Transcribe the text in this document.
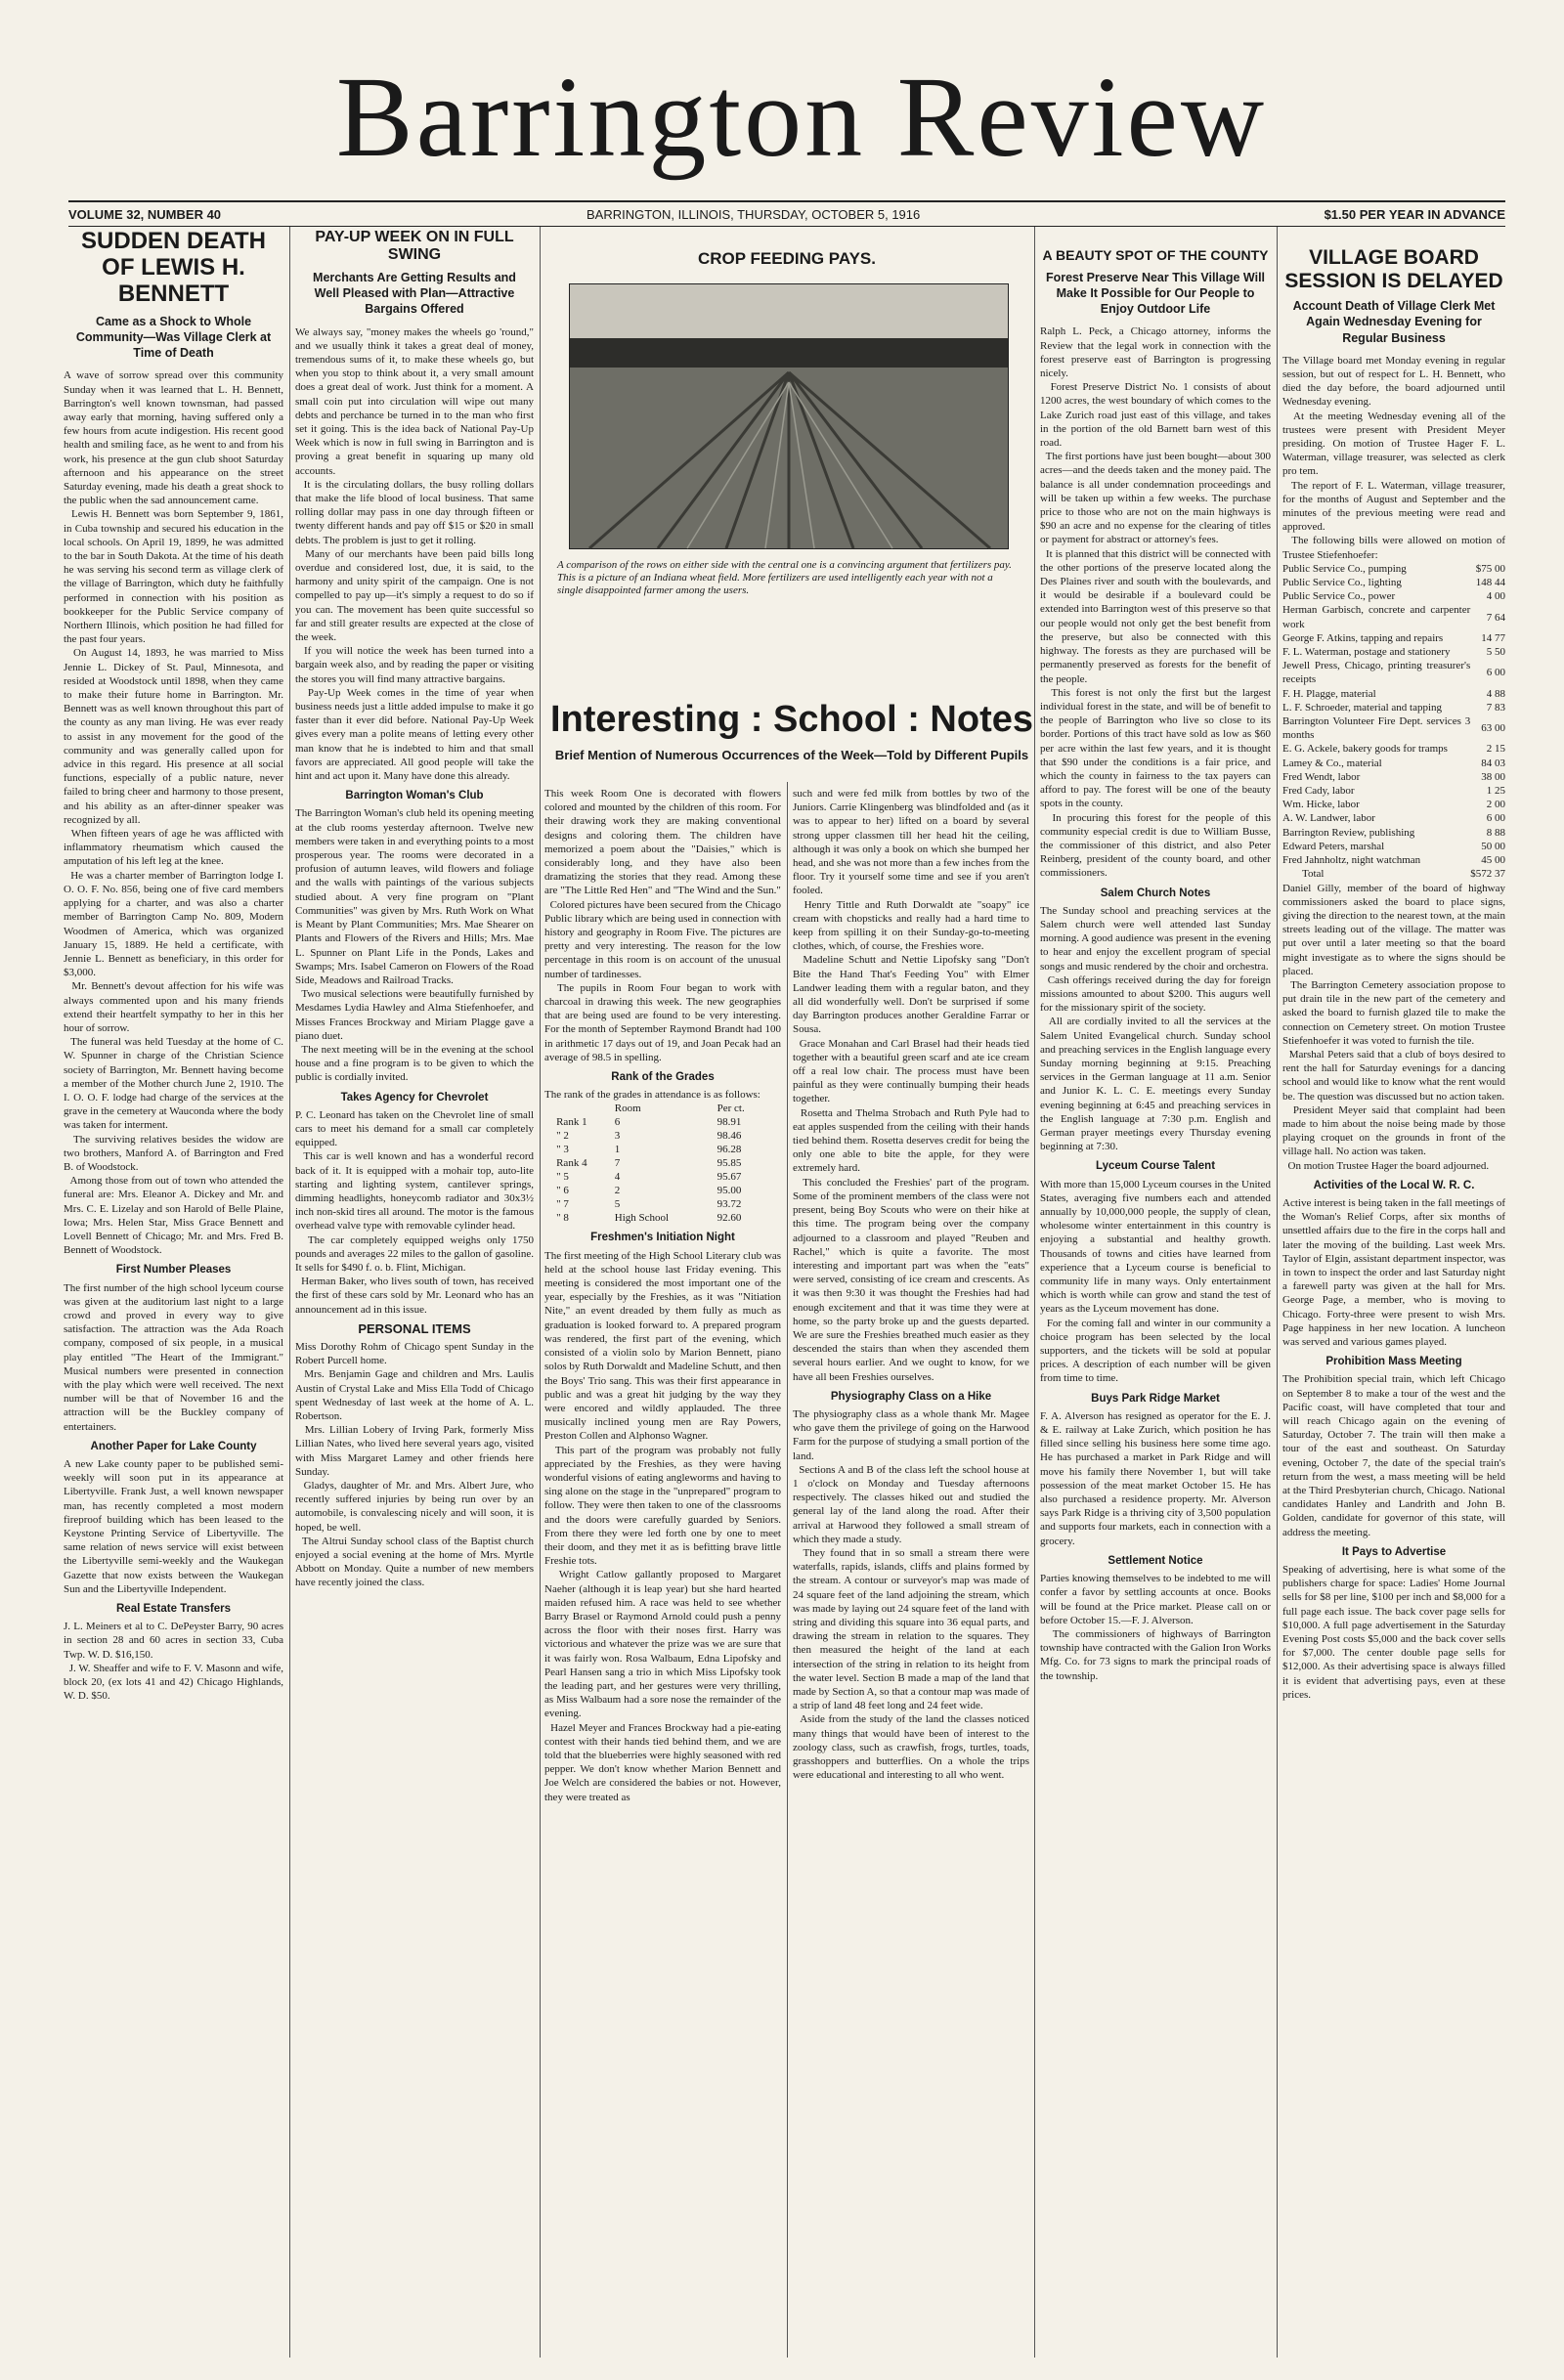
Barrington Review
VOLUME 32, NUMBER 40	BARRINGTON, ILLINOIS, THURSDAY, OCTOBER 5, 1916	$1.50 PER YEAR IN ADVANCE
SUDDEN DEATH OF LEWIS H. BENNETT
Came as a Shock to Whole Community—Was Village Clerk at Time of Death

A wave of sorrow spread over this community Sunday when it was learned that L. H. Bennett, Barrington's well known townsman, had passed away early that morning, having suffered only a few hours from acute indigestion. His recent good health and smiling face, as he went to and from his work, his presence at the gun club shoot Saturday afternoon and his appearance on the street Saturday evening, made his death a great shock to the public when the sad announcement came.
Lewis H. Bennett was born September 9, 1861, in Cuba township and secured his education in the local schools. On April 19, 1899, he was admitted to the bar in South Dakota. At the time of his death he was serving his second term as village clerk of the village of Barrington, which duty he faithfully performed in connection with his position as bookkeeper for the Public Service company of Northern Illinois, which position he had filled for the past four years.
On August 14, 1893, he was married to Miss Jennie L. Dickey of St. Paul, Minnesota, and resided at Woodstock until 1898, when they came to make their future home in Barrington. Mr. Bennett was as well known throughout this part of the county as any man living. He was ever ready to assist in any movement for the good of the community and was generally called upon for advice in this regard. His presence at all social functions, especially of a public nature, never failed to bring cheer and harmony to those present, and his ability as an after-dinner speaker was recognized by all.
When fifteen years of age he was afflicted with inflammatory rheumatism which caused the amputation of his left leg at the knee.
He was a charter member of Barrington lodge I. O. O. F. No. 856, being one of five card members applying for a charter, and was also a charter member of Barrington Camp No. 809, Modern Woodmen of America, which was organized January 15, 1889. He held a certificate, with Jennie L. Bennett as beneficiary, in this order for $3,000.
Mr. Bennett's devout affection for his wife was always commented upon and his many friends extend their heartfelt sympathy to her in this her hour of sorrow.
The funeral was held Tuesday at the home of C. W. Spunner in charge of the Christian Science society of Barrington, Mr. Bennett having become a member of the Mother church June 2, 1910. The I. O. O. F. lodge had charge of the services at the grave in the cemetery at Wauconda where the body was taken for interment.
The surviving relatives besides the widow are two brothers, Manford A. of Barrington and Fred B. of Woodstock.
Among those from out of town who attended the funeral are: Mrs. Eleanor A. Dickey and Mr. and Mrs. C. E. Lizelay and son Harold of Belle Plaine, Iowa; Mrs. Helen Star, Miss Grace Bennett and Lovell Bennett of Chicago; Mr. and Mrs. Fred B. Bennett of Woodstock.

First Number Pleases

The first number of the high school lyceum course was given at the auditorium last night to a large crowd and proved in every way to give satisfaction. The attraction was the Ada Roach company, composed of six people, in a musical play entitled "The Heart of the Immigrant." Musical numbers were presented in connection with the play which were well received. The next number will be that of November 16 and the attraction will be the Buckley company of entertainers.

Another Paper for Lake County

A new Lake county paper to be published semi-weekly will soon put in its appearance at Libertyville. Frank Just, a well known newspaper man, has recently completed a most modern fireproof building which has been leased to the Keystone Printing Service of Libertyville. The same relation of news service will exist between the Libertyville semi-weekly and the Waukegan Gazette that now exists between the Waukegan Sun and the Libertyville Independent.

Real Estate Transfers

J. L. Meiners et al to C. DePeyster Barry, 90 acres in section 28 and 60 acres in section 33, Cuba Twp. W. D. $16,150.
J. W. Sheaffer and wife to F. V. Masonn and wife, block 20, (ex lots 41 and 42) Chicago Highlands, W. D. $50.

PAY-UP WEEK ON IN FULL SWING
Merchants Are Getting Results and Well Pleased with Plan—Attractive Bargains Offered

We always say, "money makes the wheels go 'round," and we usually think it takes a great deal of money, tremendous sums of it, to make these wheels go, but when you stop to think about it, a very small amount does a great deal of work. Just think for a moment. A small coin put into circulation will wipe out many debts and perchance be turned in to the man who first set it going. This is the idea back of National Pay-Up Week which is now in full swing in Barrington and is proving a great benefit in squaring up many old accounts.
It is the circulating dollars, the busy rolling dollars that make the life blood of local business. That same rolling dollar may pass in one day through fifteen or twenty different hands and pay off $15 or $20 in small debts. The problem is just to get it rolling.
Many of our merchants have been paid bills long overdue and considered lost, due, it is said, to the harmony and unity spirit of the campaign. One is not compelled to pay up—it's simply a request to do so if you can. The movement has been quite successful so far and still greater results are expected at the close of the week.
If you will notice the week has been turned into a bargain week also, and by reading the paper or visiting the stores you will find many attractive bargains.
Pay-Up Week comes in the time of year when business needs just a little added impulse to make it go faster than it ever did before. National Pay-Up Week gives every man a polite means of letting every other man know that he is indebted to him and that small favors are appreciated. All good people will take the hint and act upon it. Many have done this already.

Barrington Woman's Club

The Barrington Woman's club held its opening meeting at the club rooms yesterday afternoon. Twelve new members were taken in and everything points to a most prosperous year. The rooms were decorated in a profusion of autumn leaves, wild flowers and foliage and the walls with paintings of the various subjects studied about. A very fine program on "Plant Communities" was given by Mrs. Ruth Work on What is Meant by Plant Communities; Mrs. Mae Shearer on Plants and Flowers of the Rivers and Hills; Mrs. Mae L. Spunner on Plant Life in the Ponds, Lakes and Swamps; Mrs. Isabel Cameron on Flowers of the Road Side, Meadows and Railroad Tracks.
Two musical selections were beautifully furnished by Mesdames Lydia Hawley and Alma Stiefenhoefer, and Misses Frances Brockway and Miriam Plagge gave a piano duet.
The next meeting will be in the evening at the school house and a fine program is to be given to which the public is cordially invited.

Takes Agency for Chevrolet

P. C. Leonard has taken on the Chevrolet line of small cars to meet his demand for a small car completely equipped.
This car is well known and has a wonderful record back of it. It is equipped with a mohair top, auto-lite starting and lighting system, cantilever springs, dimming headlights, honeycomb radiator and 30x3½ inch non-skid tires all around. The motor is the famous overhead valve type with removable cylinder head.
The car completely equipped weighs only 1750 pounds and averages 22 miles to the gallon of gasoline. It sells for $490 f. o. b. Flint, Michigan.
Herman Baker, who lives south of town, has received the first of these cars sold by Mr. Leonard who has an announcement ad in this issue.

PERSONAL ITEMS

Miss Dorothy Rohm of Chicago spent Sunday in the Robert Purcell home.
Mrs. Benjamin Gage and children and Mrs. Laulis Austin of Crystal Lake and Miss Ella Todd of Chicago spent Wednesday of last week at the home of A. L. Robertson.
Mrs. Lillian Lobery of Irving Park, formerly Miss Lillian Nates, who lived here several years ago, visited with Miss Margaret Lamey and other friends here Sunday.
Gladys, daughter of Mr. and Mrs. Albert Jure, who recently suffered injuries by being run over by an automobile, is convalescing nicely and will soon, it is hoped, be well.
The Altrui Sunday school class of the Baptist church enjoyed a social evening at the home of Mrs. Myrtle Abbott on Monday. Quite a number of new members have recently joined the class.

CROP FEEDING PAYS.
A comparison of the rows on either side with the central one is a convincing argument that fertilizers pay. This is a picture of an Indiana wheat field. More fertilizers are used intelligently each year with not a single disappointed farmer among the users.
Interesting : School : Notes
Brief Mention of Numerous Occurrences of the Week—Told by Different Pupils

This week Room One is decorated with flowers colored and mounted by the children of this room. For their drawing work they are making conventional designs and coloring them. The children have memorized a poem about the "Daisies," which is considerably long, and they have also been dramatizing the stories that they read. Among these are "The Little Red Hen" and "The Wind and the Sun."
Colored pictures have been secured from the Chicago Public library which are being used in connection with history and geography in Room Five. The pictures are pretty and very interesting. The reason for the low percentage in this room is on account of the unusual number of tardinesses.
The pupils in Room Four began to work with charcoal in drawing this week. The new geographies that are being used are found to be very interesting. For the month of September Raymond Brandt had 100 in arithmetic 17 days out of 19, and Joan Pecak had an average of 98.5 in spelling.

Rank of the Grades

The rank of the grades in attendance is as follows:

	Room	Per ct.
Rank 1	6	98.91
" 2	3	98.46
" 3	1	96.28
Rank 4	7	95.85
" 5	4	95.67
" 6	2	95.00
" 7	5	93.72
" 8	High School	92.60
Freshmen's Initiation Night

The first meeting of the High School Literary club was held at the school house last Friday evening. This meeting is considered the most important one of the year, especially by the Freshies, as it was "Nitiation Nite," an event dreaded by them fully as much as graduation is looked forward to. A prepared program was rendered, the first part of the evening, which consisted of a violin solo by Marion Bennett, piano solos by Ruth Dorwaldt and Madeline Schutt, and then the Boys' Trio sang. This was their first appearance in public and was a great hit judging by the way they were encored and wildly applauded. The three musically inclined young men are Ray Powers, Preston Collen and Alphonso Wagner.
This part of the program was probably not fully appreciated by the Freshies, as they were having wonderful visions of eating angleworms and having to sing alone on the stage in the "unprepared" program to follow. They were then taken to one of the classrooms and the doors were carefully guarded by Seniors. From there they were led forth one by one to meet their doom, and they met it as is befitting brave little Freshie tots.
Wright Catlow gallantly proposed to Margaret Naeher (although it is leap year) but she hard hearted maiden refused him. A race was held to see whether Barry Brasel or Raymond Arnold could push a penny across the floor with their noses first. Harry was victorious and whatever the prize was we are sure that it was fairly won. Rosa Walbaum, Edna Lipofsky and Pearl Hansen sang a trio in which Miss Lipofsky took the leading part, and her gestures were very thrilling, as Miss Walbaum had a sore nose the remainder of the evening.
Hazel Meyer and Frances Brockway had a pie-eating contest with their hands tied behind them, and we are told that the blueberries were highly seasoned with red pepper. We don't know whether Marion Bennett and Joe Welch are considered the babies or not. However, they were treated as

such and were fed milk from bottles by two of the Juniors. Carrie Klingenberg was blindfolded and (as it was to appear to her) lifted on a board by several strong upper classmen till her head hit the ceiling, although it was only a book on which she bumped her head, and she was not more than a few inches from the floor. Try it yourself some time and see if you aren't fooled.
Henry Tittle and Ruth Dorwaldt ate "soapy" ice cream with chopsticks and really had a hard time to keep from spilling it on their Sunday-go-to-meeting clothes, which, of course, the Freshies wore.
Madeline Schutt and Nettie Lipofsky sang "Don't Bite the Hand That's Feeding You" with Elmer Landwer leading them with a regular baton, and they all did wonderfully well. Don't be surprised if some day Barrington produces another Geraldine Farrar or Sousa.
Grace Monahan and Carl Brasel had their heads tied together with a beautiful green scarf and ate ice cream off a real low chair. The process must have been painful as they were continually bumping their heads together.
Rosetta and Thelma Strobach and Ruth Pyle had to eat apples suspended from the ceiling with their hands tied behind them. Rosetta deserves credit for being the only one able to bite the apple, for they were extremely hard.
This concluded the Freshies' part of the program. Some of the prominent members of the class were not present, being Boy Scouts who were on their hike at this time. The program being over the company adjourned to a classroom and played "Reuben and Rachel," which is quite a favorite. The most interesting and important part was when the "eats" were served, consisting of ice cream and crescents. As it was then 9:30 it was thought the Freshies had had enough excitement and that it was time they were at home, so the party broke up and the guests departed. We are sure the Freshies breathed much easier as they descended the stairs than when they ascended them several hours earlier. And we ought to know, for we have all been Freshies ourselves.

Physiography Class on a Hike

The physiography class as a whole thank Mr. Magee who gave them the privilege of going on the Harwood Farm for the purpose of studying a small portion of the land.
Sections A and B of the class left the school house at 1 o'clock on Monday and Tuesday afternoons respectively. The classes hiked out and studied the general lay of the land along the road. After their arrival at Harwood they followed a small stream of which they made a study.
They found that in so small a stream there were waterfalls, rapids, islands, cliffs and plains formed by the stream. A contour or surveyor's map was made of 24 square feet of the land adjoining the stream, which was made by laying out 24 square feet of the land with string and dividing this square into 36 equal parts, and drawing the stream in relation to the squares. They then measured the height of the land at each intersection of the string in relation to its height from the water level. Section B made a map of the land that made by Section A, so that a contour map was made of a strip of land 48 feet long and 24 feet wide.
Aside from the study of the land the classes noticed many things that would have been of interest to the zoology class, such as crawfish, frogs, turtles, toads, grasshoppers and butterflies. On a whole the trips were educational and interesting to all who went.

A BEAUTY SPOT OF THE COUNTY
Forest Preserve Near This Village Will Make It Possible for Our People to Enjoy Outdoor Life

Ralph L. Peck, a Chicago attorney, informs the Review that the legal work in connection with the forest preserve east of Barrington is progressing nicely.
Forest Preserve District No. 1 consists of about 1200 acres, the west boundary of which comes to the Lake Zurich road just east of this village, and takes in the portion of the old Barnett barn west of this road.
The first portions have just been bought—about 300 acres—and the deeds taken and the money paid. The balance is all under condemnation proceedings and will be taken up within a few weeks. The purchase price to those who are not on the main highways is $90 an acre and no expense for the clearing of titles or payment for abstract or attorney's fees.
It is planned that this district will be connected with the other portions of the preserve located along the Des Plaines river and south with the boulevards, and it would be desirable if a boulevard could be extended into Barrington west of this preserve so that our people would not only get the best benefit from the preserve, but also be connected with this highway. The forests as they are purchased will be permanently preserved as forests for the benefit of the people.
This forest is not only the first but the largest individual forest in the state, and will be of benefit to the people of Barrington who live so close to its border. Portions of this tract have sold as low as $60 per acre within the last few years, and it is thought that $90 under the conditions is a fair price, and which the county in fairness to the tax payers can afford to pay. The forest will be one of the beauty spots in the county.
In procuring this forest for the people of this community especial credit is due to William Busse, the commissioner of this district, and also Peter Reinberg, president of the county board, and other commissioners.

Salem Church Notes

The Sunday school and preaching services at the Salem church were well attended last Sunday morning. A good audience was present in the evening to hear and enjoy the excellent program of special songs and music rendered by the choir and orchestra.
Cash offerings received during the day for foreign missions amounted to about $200. This augurs well for the missionary spirit of the society.
All are cordially invited to all the services at the Salem United Evangelical church. Sunday school and preaching services in the English language every Sunday morning beginning at 9:15. Preaching services in the German language at 11 a.m. Senior and Junior K. L. C. E. meetings every Sunday evening beginning at 6:45 and preaching services in the English language at 7:30 p.m. English and German prayer meetings every Thursday evening beginning at 7:30.

Lyceum Course Talent

With more than 15,000 Lyceum courses in the United States, averaging five numbers each and attended annually by 10,000,000 people, the supply of clean, wholesome winter entertainment in this country is enjoying a substantial and healthy growth. Thousands of towns and cities have learned from experience that a Lyceum course is beneficial to community life in many ways. Only entertainment which is worth while can grow and stand the test of years as the Lyceum movement has done.
For the coming fall and winter in our community a choice program has been selected by the local supporters, and the tickets will be sold at popular prices. A description of each number will be given from time to time.

Buys Park Ridge Market

F. A. Alverson has resigned as operator for the E. J. & E. railway at Lake Zurich, which position he has filled since selling his business here some time ago. He has purchased a market in Park Ridge and will move his family there November 1, but will take possession of the meat market October 15. He has also purchased a residence property. Mr. Alverson says Park Ridge is a thriving city of 3,500 population and supports four markets, each in connection with a grocery.

Settlement Notice

Parties knowing themselves to be indebted to me will confer a favor by settling accounts at once. Books will be found at the Price market. Please call on or before October 15.—F. J. Alverson.
The commissioners of highways of Barrington township have contracted with the Galion Iron Works Mfg. Co. for 73 signs to mark the principal roads of the township.

VILLAGE BOARD SESSION IS DELAYED
Account Death of Village Clerk Met Again Wednesday Evening for Regular Business

The Village board met Monday evening in regular session, but out of respect for L. H. Bennett, who died the day before, the board adjourned until Wednesday evening.
At the meeting Wednesday evening all of the trustees were present with President Meyer presiding. On motion of Trustee Hager F. L. Waterman, village treasurer, was selected as clerk pro tem.
The report of F. L. Waterman, village treasurer, for the months of August and September and the minutes of the previous meeting were read and approved.
The following bills were allowed on motion of Trustee Stiefenhoefer:

Public Service Co., pumping	$75 00
Public Service Co., lighting	148 44
Public Service Co., power	4 00
Herman Garbisch, concrete and carpenter work	7 64
George F. Atkins, tapping and repairs	14 77
F. L. Waterman, postage and stationery	5 50
Jewell Press, Chicago, printing treasurer's receipts	6 00
F. H. Plagge, material	4 88
L. F. Schroeder, material and tapping	7 83
Barrington Volunteer Fire Dept. services 3 months	63 00
E. G. Ackele, bakery goods for tramps	2 15
Lamey & Co., material	84 03
Fred Wendt, labor	38 00
Fred Cady, labor	1 25
Wm. Hicke, labor	2 00
A. W. Landwer, labor	6 00
Barrington Review, publishing	8 88
Edward Peters, marshal	50 00
Fred Jahnholtz, night watchman	45 00
Total	$572 37

Daniel Gilly, member of the board of highway commissioners asked the board to place signs, giving the direction to the nearest town, at the main streets leading out of the village. The matter was put over until a later meeting so that the board might investigate as to where the signs should be placed.
The Barrington Cemetery association propose to put drain tile in the new part of the cemetery and asked the board to furnish glazed tile to make the connection on Cemetery street. On motion Trustee Stiefenhoefer it was voted to furnish the tile.
Marshal Peters said that a club of boys desired to rent the hall for Saturday evenings for a dancing school and would like to know what the rent would be. The question was discussed but no action taken.
President Meyer said that complaint had been made to him about the noise being made by those playing croquet on the grounds in front of the village hall. No action was taken.
On motion Trustee Hager the board adjourned.

Activities of the Local W. R. C.

Active interest is being taken in the fall meetings of the Woman's Relief Corps, after six months of unsettled affairs due to the fire in the corps hall and later the moving of the building. Last week Mrs. Taylor of Elgin, assistant department inspector, was in town to inspect the order and last Saturday night a farewell party was given at the hall for Mrs. George Page, a member, who is moving to Chicago. Forty-three were present to wish Mrs. Page happiness in her new location. A luncheon was served and various games played.

Prohibition Mass Meeting

The Prohibition special train, which left Chicago on September 8 to make a tour of the west and the Pacific coast, will have completed that tour and will reach Chicago again on the evening of Saturday, October 7. The train will then make a tour of the east and southeast. On Saturday evening, October 7, the date of the special train's return from the west, a mass meeting will be held at the Third Presbyterian church, Chicago. National candidates Hanley and Landrith and John B. Golden, candidate for governor of this state, will address the meeting.

It Pays to Advertise

Speaking of advertising, here is what some of the publishers charge for space: Ladies' Home Journal sells for $8 per line, $100 per inch and $8,000 for a full page each issue. The back cover page sells for $10,000. A full page advertisement in the Saturday Evening Post costs $5,000 and the back cover sells for $7,000. The center double page sells for $12,000. As their advertising space is always filled it is evident that advertising pays, even at these prices.
